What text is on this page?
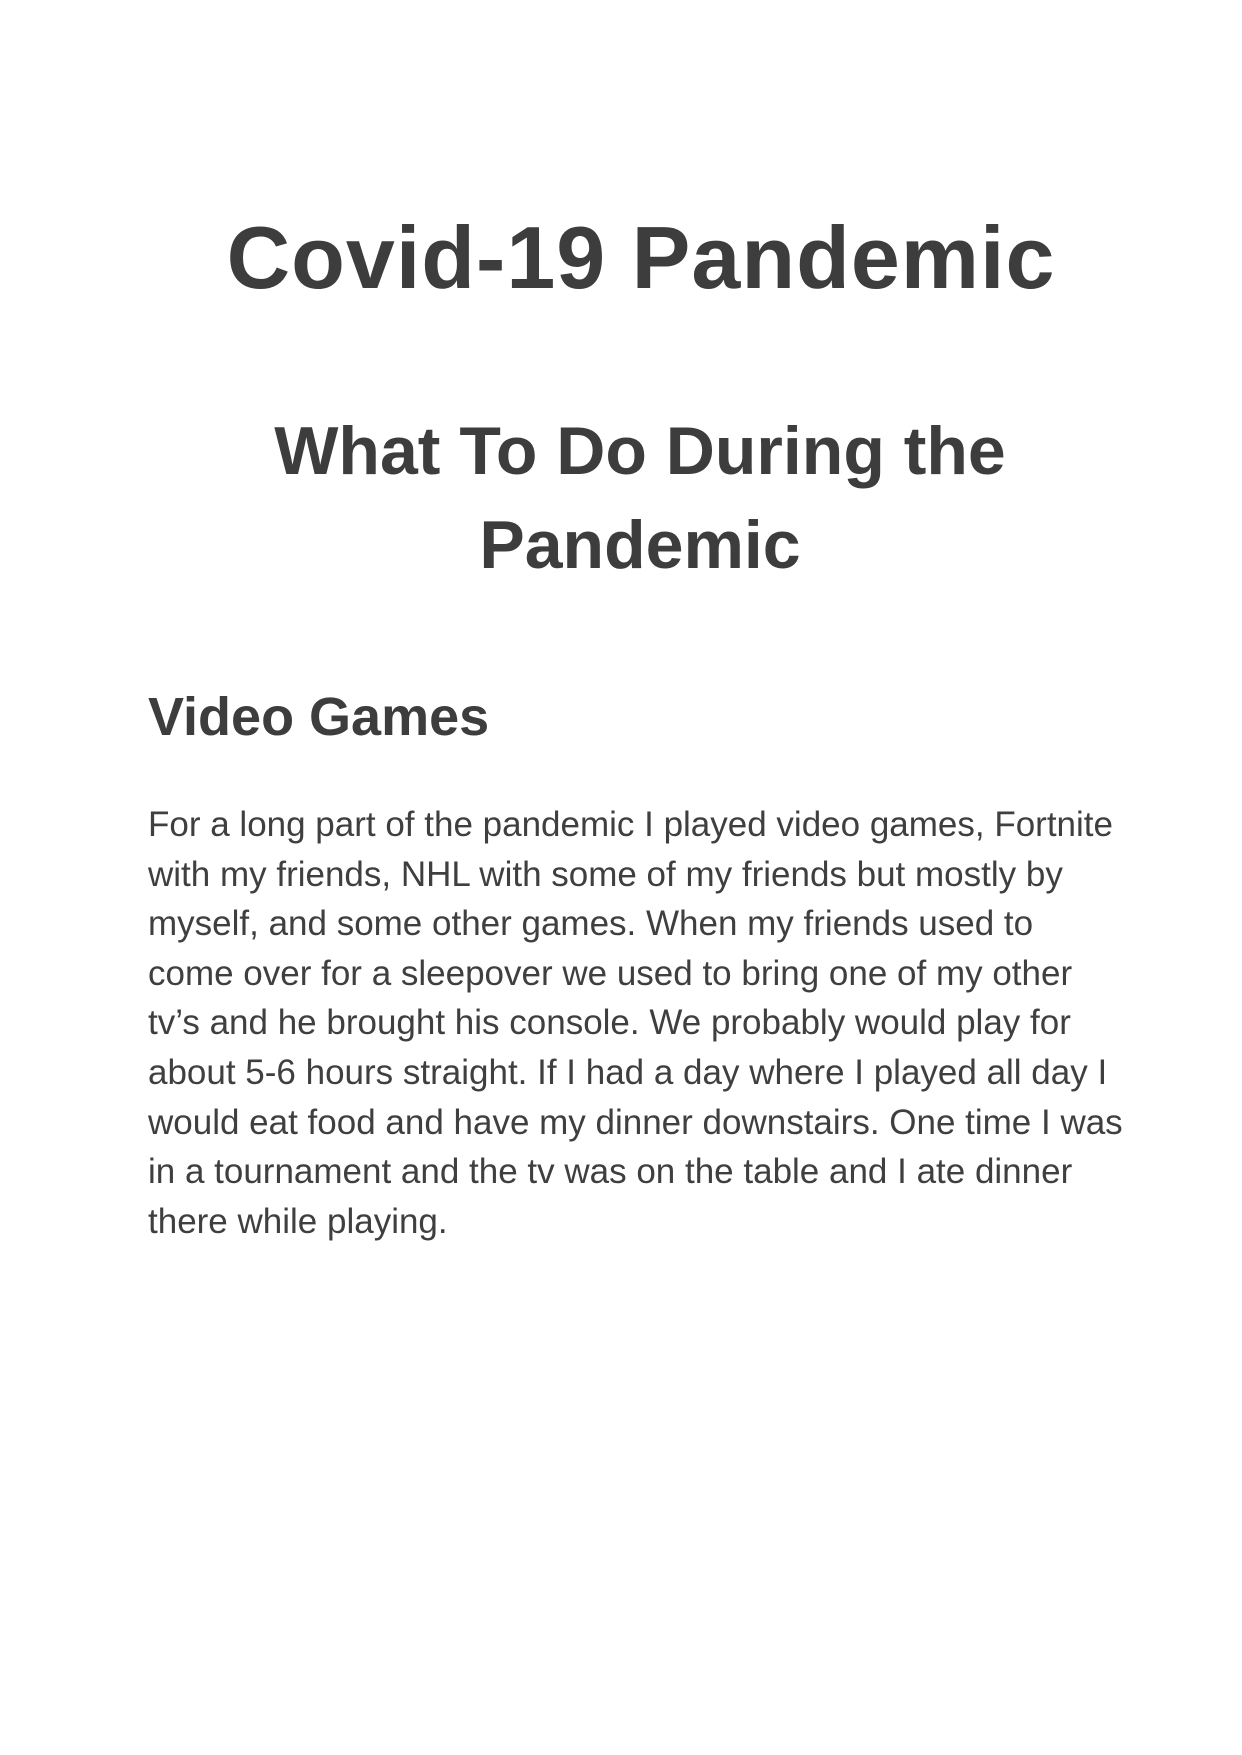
Covid-19 Pandemic
What To Do During the Pandemic
Video Games

For a long part of the pandemic I played video games, Fortnite with my friends, NHL with some of my friends but mostly by myself, and some other games. When my friends used to come over for a sleepover we used to bring one of my other tv’s and he brought his console. We probably would play for about 5-6 hours straight. If I had a day where I played all day I would eat food and have my dinner downstairs. One time I was in a tournament and the tv was on the table and I ate dinner there while playing.
